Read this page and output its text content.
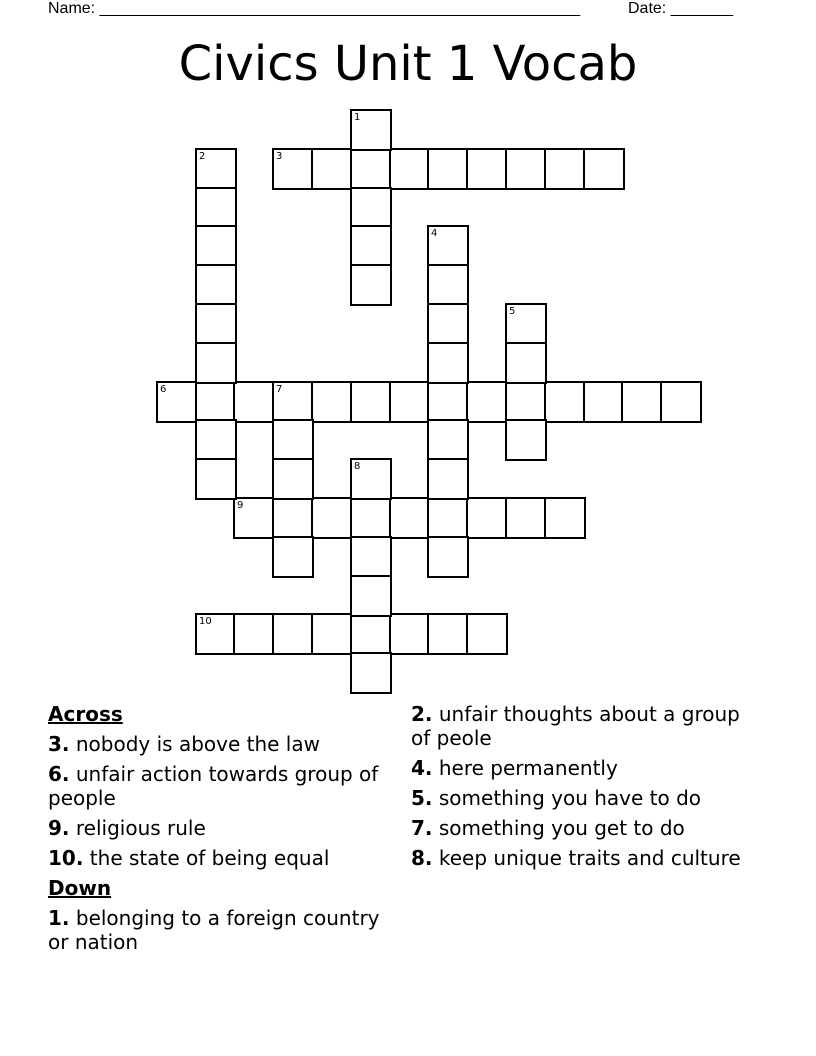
Name: ______________________________________________________	Date: _______
Civics Unit 1 Vocab
3
6	7
9
10
1
2
4
5
8
Across
3. nobody is above the law
6. unfair action towards group of people
9. religious rule
10. the state of being equal
Down
1. belonging to a foreign country or nation
2. unfair thoughts about a group of peole
4. here permanently
5. something you have to do
7. something you get to do
8. keep unique traits and culture
